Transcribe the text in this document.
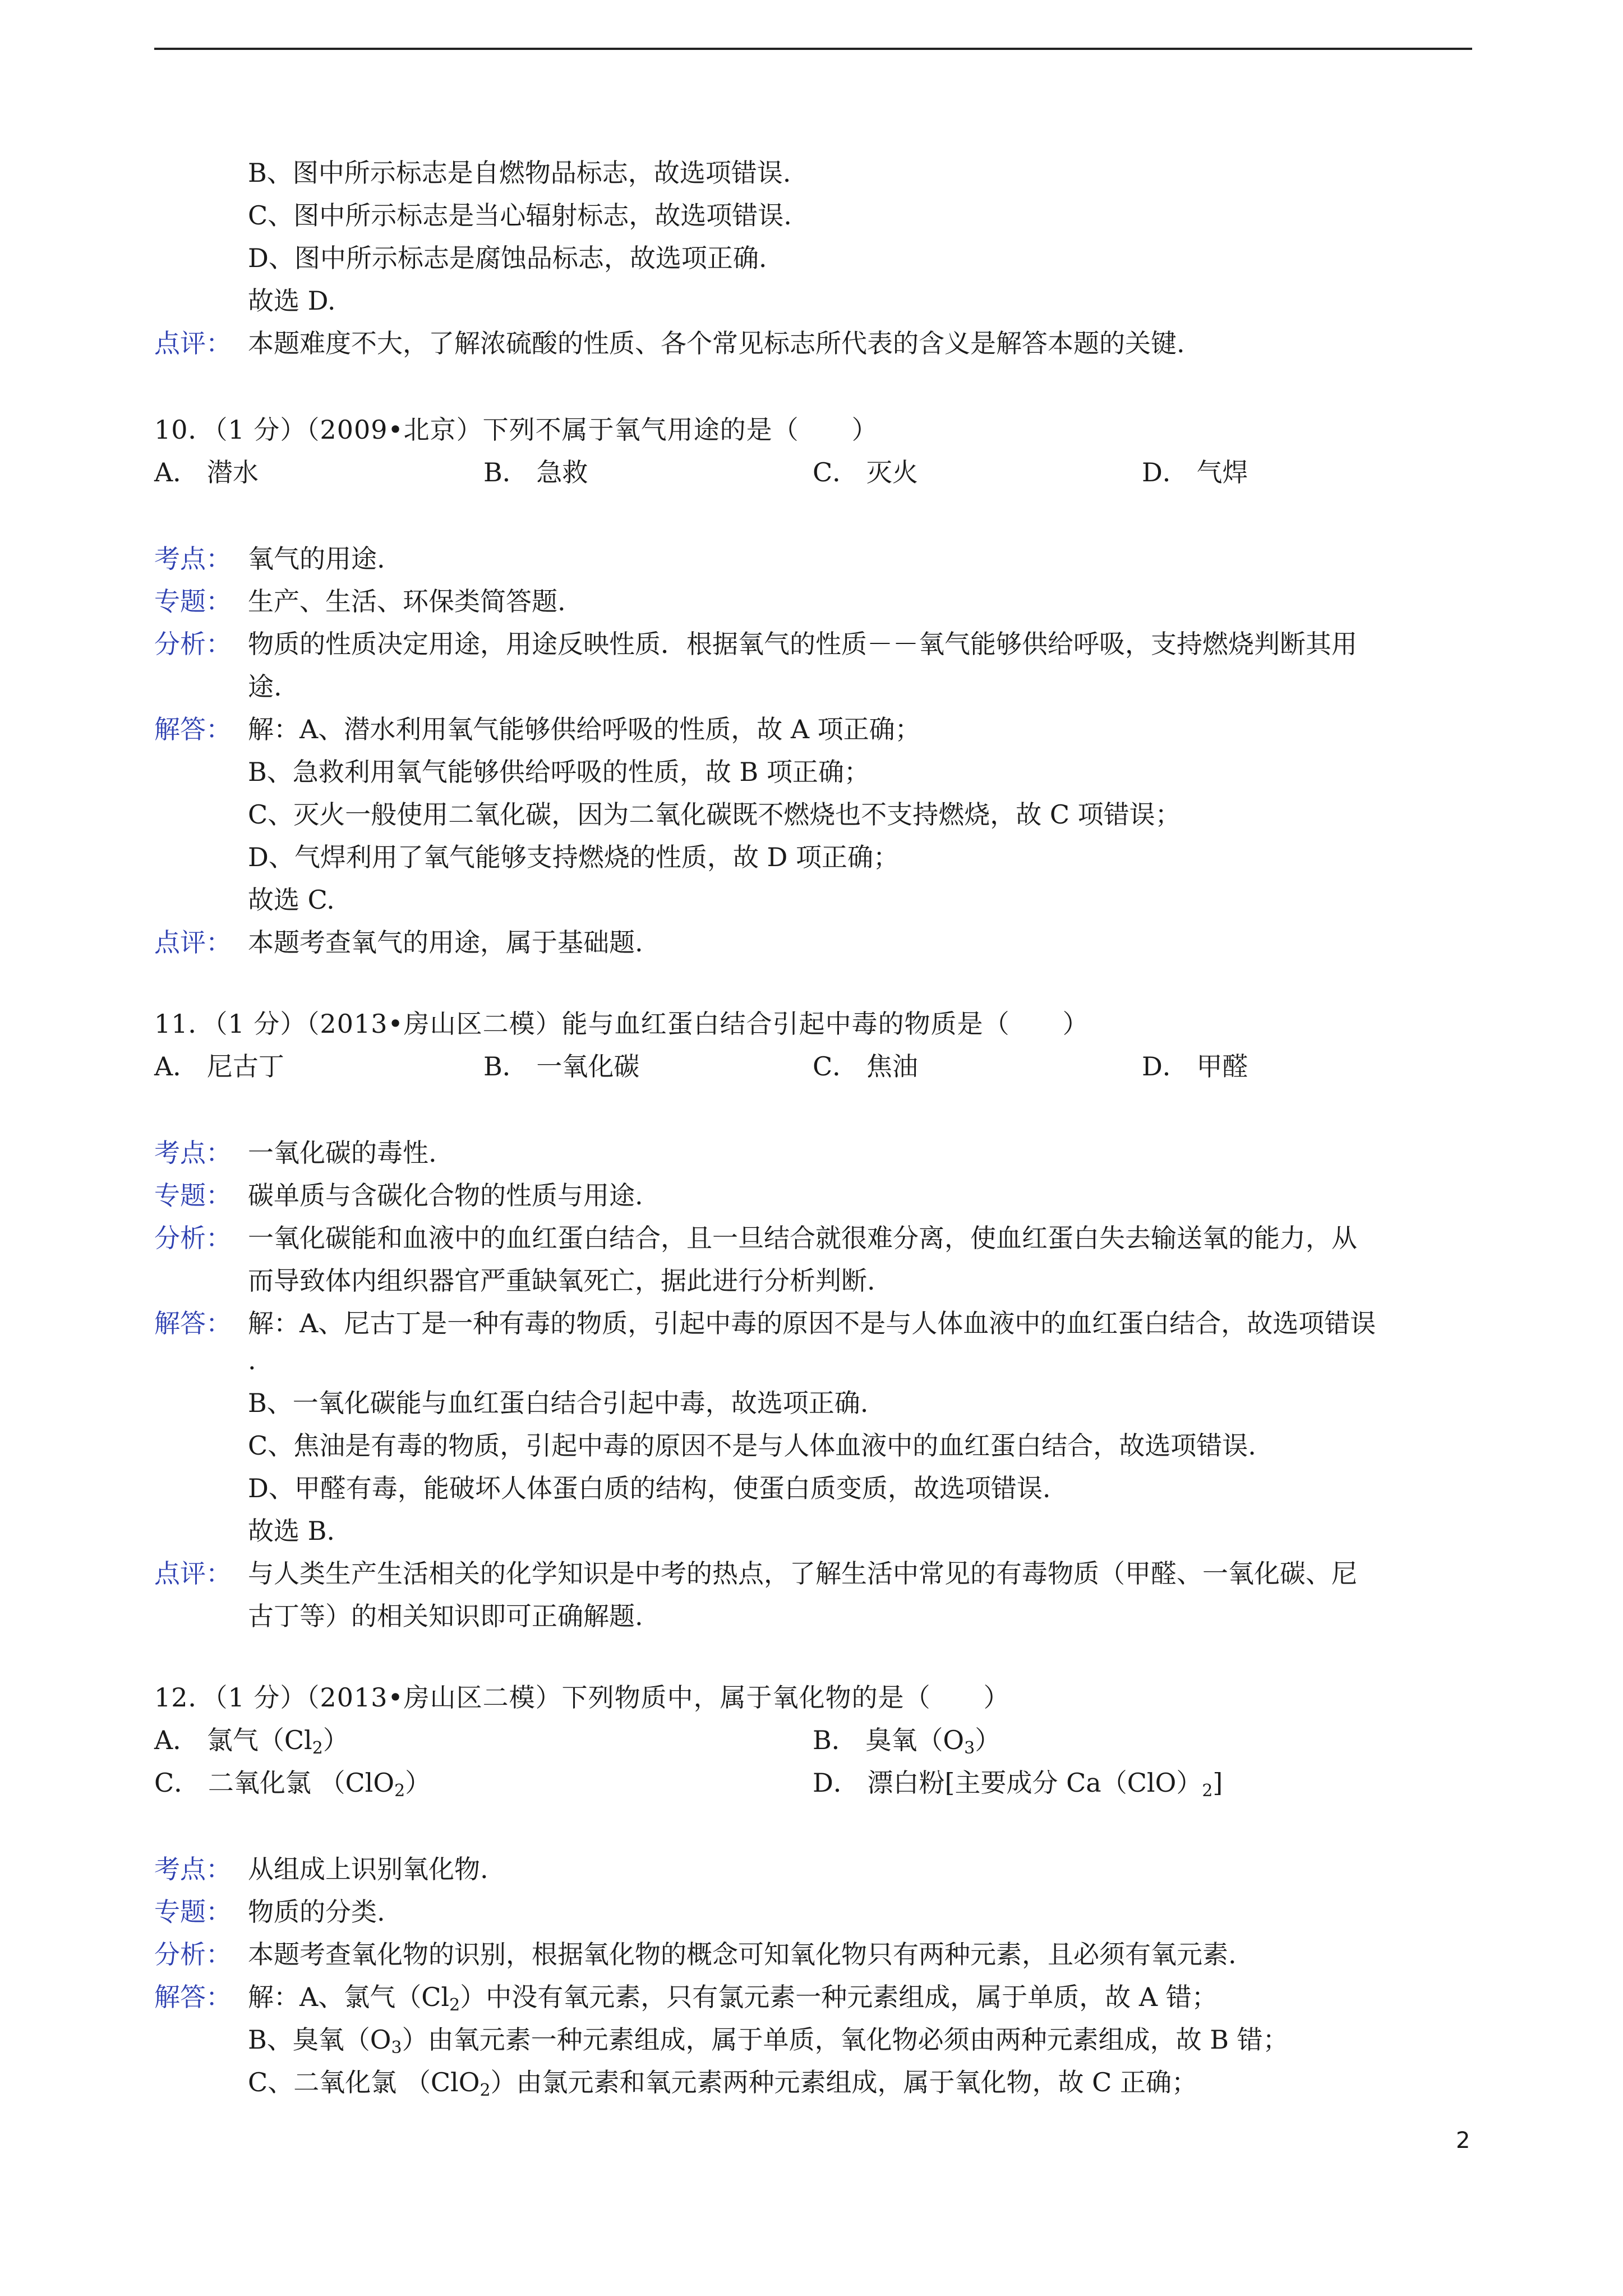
B、图中所示标志是自燃物品标志，故选项错误.
C、图中所示标志是当心辐射标志，故选项错误.
D、图中所示标志是腐蚀品标志，故选项正确.
故选 D.
点评： 本题难度不大，了解浓硫酸的性质、各个常见标志所代表的含义是解答本题的关键.
10．（1 分）（2009•北京）下列不属于氧气用途的是（　　）
A． 潜水	B． 急救	C． 灭火	D． 气焊
考点： 氧气的用途.
专题： 生产、生活、环保类简答题.
分析： 物质的性质决定用途，用途反映性质．根据氧气的性质－－氧气能够供给呼吸，支持燃烧判断其用
途.
解答： 解：A、潜水利用氧气能够供给呼吸的性质，故 A 项正确；
B、急救利用氧气能够供给呼吸的性质，故 B 项正确；
C、灭火一般使用二氧化碳，因为二氧化碳既不燃烧也不支持燃烧，故 C 项错误；
D、气焊利用了氧气能够支持燃烧的性质，故 D 项正确；
故选 C.
点评： 本题考查氧气的用途，属于基础题.
11．（1 分）（2013•房山区二模）能与血红蛋白结合引起中毒的物质是（　　）
A． 尼古丁	B． 一氧化碳	C． 焦油	D． 甲醛
考点： 一氧化碳的毒性.
专题： 碳单质与含碳化合物的性质与用途.
分析： 一氧化碳能和血液中的血红蛋白结合，且一旦结合就很难分离，使血红蛋白失去输送氧的能力，从
而导致体内组织器官严重缺氧死亡，据此进行分析判断.
解答： 解：A、尼古丁是一种有毒的物质，引起中毒的原因不是与人体血液中的血红蛋白结合，故选项错误
.
B、一氧化碳能与血红蛋白结合引起中毒，故选项正确.
C、焦油是有毒的物质，引起中毒的原因不是与人体血液中的血红蛋白结合，故选项错误.
D、甲醛有毒，能破坏人体蛋白质的结构，使蛋白质变质，故选项错误.
故选 B.
点评： 与人类生产生活相关的化学知识是中考的热点，了解生活中常见的有毒物质（甲醛、一氧化碳、尼
古丁等）的相关知识即可正确解题.
12．（1 分）（2013•房山区二模）下列物质中，属于氧化物的是（　　）
A． 氯气$(Cl_2)$	B． 臭氧$(O_3)$
C． 二氧化氯 （ClO$_2$）	D． 漂白粉[主要成分 $Ca(ClO)_2$]
考点： 从组成上识别氧化物.
专题： 物质的分类.
分析： 本题考查氧化物的识别，根据氧化物的概念可知氧化物只有两种元素，且必须有氧元素.
解答： 解：A、氯气$(Cl_2)$中没有氧元素，只有氯元素一种元素组成，属于单质，故 A 错；
B、臭氧$(O_3)$由氧元素一种元素组成，属于单质，氧化物必须由两种元素组成，故 B 错；
C、二氧化氯 （ClO$_2$）由氯元素和氧元素两种元素组成，属于氧化物，故 C 正确；
2
